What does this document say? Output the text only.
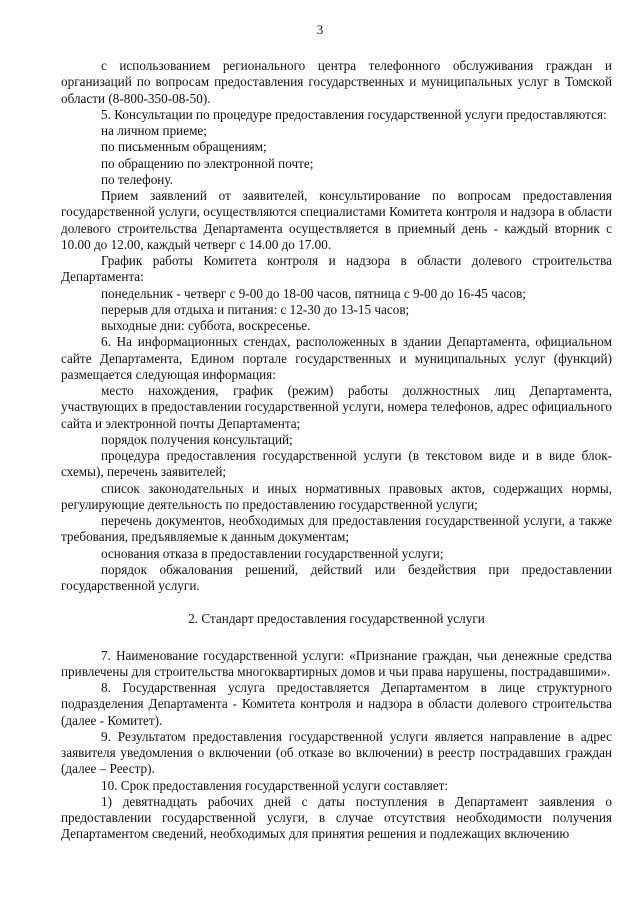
3

с использованием регионального центра телефонного обслуживания граждан и организаций по вопросам предоставления государственных и муниципальных услуг в Томской области (8-800-350-08-50).

5. Консультации по процедуре предоставления государственной услуги предоставляются:

на личном приеме;

по письменным обращениям;

по обращению по электронной почте;

по телефону.

Прием заявлений от заявителей, консультирование по вопросам предоставления государственной услуги, осуществляются специалистами Комитета контроля и надзора в области долевого строительства Департамента осуществляется в приемный день - каждый вторник с 10.00 до 12.00, каждый четверг с 14.00 до 17.00.

График работы Комитета контроля и надзора в области долевого строительства Департамента:

понедельник - четверг с 9-00 до 18-00 часов, пятница с 9-00 до 16-45 часов;

перерыв для отдыха и питания: с 12-30 до 13-15 часов;

выходные дни: суббота, воскресенье.

6. На информационных стендах, расположенных в здании Департамента, официальном сайте Департамента, Едином портале государственных и муниципальных услуг (функций) размещается следующая информация:

место нахождения, график (режим) работы должностных лиц Департамента, участвующих в предоставлении государственной услуги, номера телефонов, адрес официального сайта и электронной почты Департамента;

порядок получения консультаций;

процедура предоставления государственной услуги (в текстовом виде и в виде блок-схемы), перечень заявителей;

список законодательных и иных нормативных правовых актов, содержащих нормы, регулирующие деятельность по предоставлению государственной услуги;

перечень документов, необходимых для предоставления государственной услуги, а также требования, предъявляемые к данным документам;

основания отказа в предоставлении государственной услуги;

порядок обжалования решений, действий или бездействия при предоставлении государственной услуги.

2. Стандарт предоставления государственной услуги

7. Наименование государственной услуги: «Признание граждан, чьи денежные средства привлечены для строительства многоквартирных домов и чьи права нарушены, пострадавшими».

8. Государственная услуга предоставляется Департаментом в лице структурного подразделения Департамента - Комитета контроля и надзора в области долевого строительства (далее - Комитет).

9. Результатом предоставления государственной услуги является направление в адрес заявителя уведомления о включении (об отказе во включении) в реестр пострадавших граждан (далее – Реестр).

10. Срок предоставления государственной услуги составляет:

1) девятнадцать рабочих дней с даты поступления в Департамент заявления о предоставлении государственной услуги, в случае отсутствия необходимости получения Департаментом сведений, необходимых для принятия решения и подлежащих включению
